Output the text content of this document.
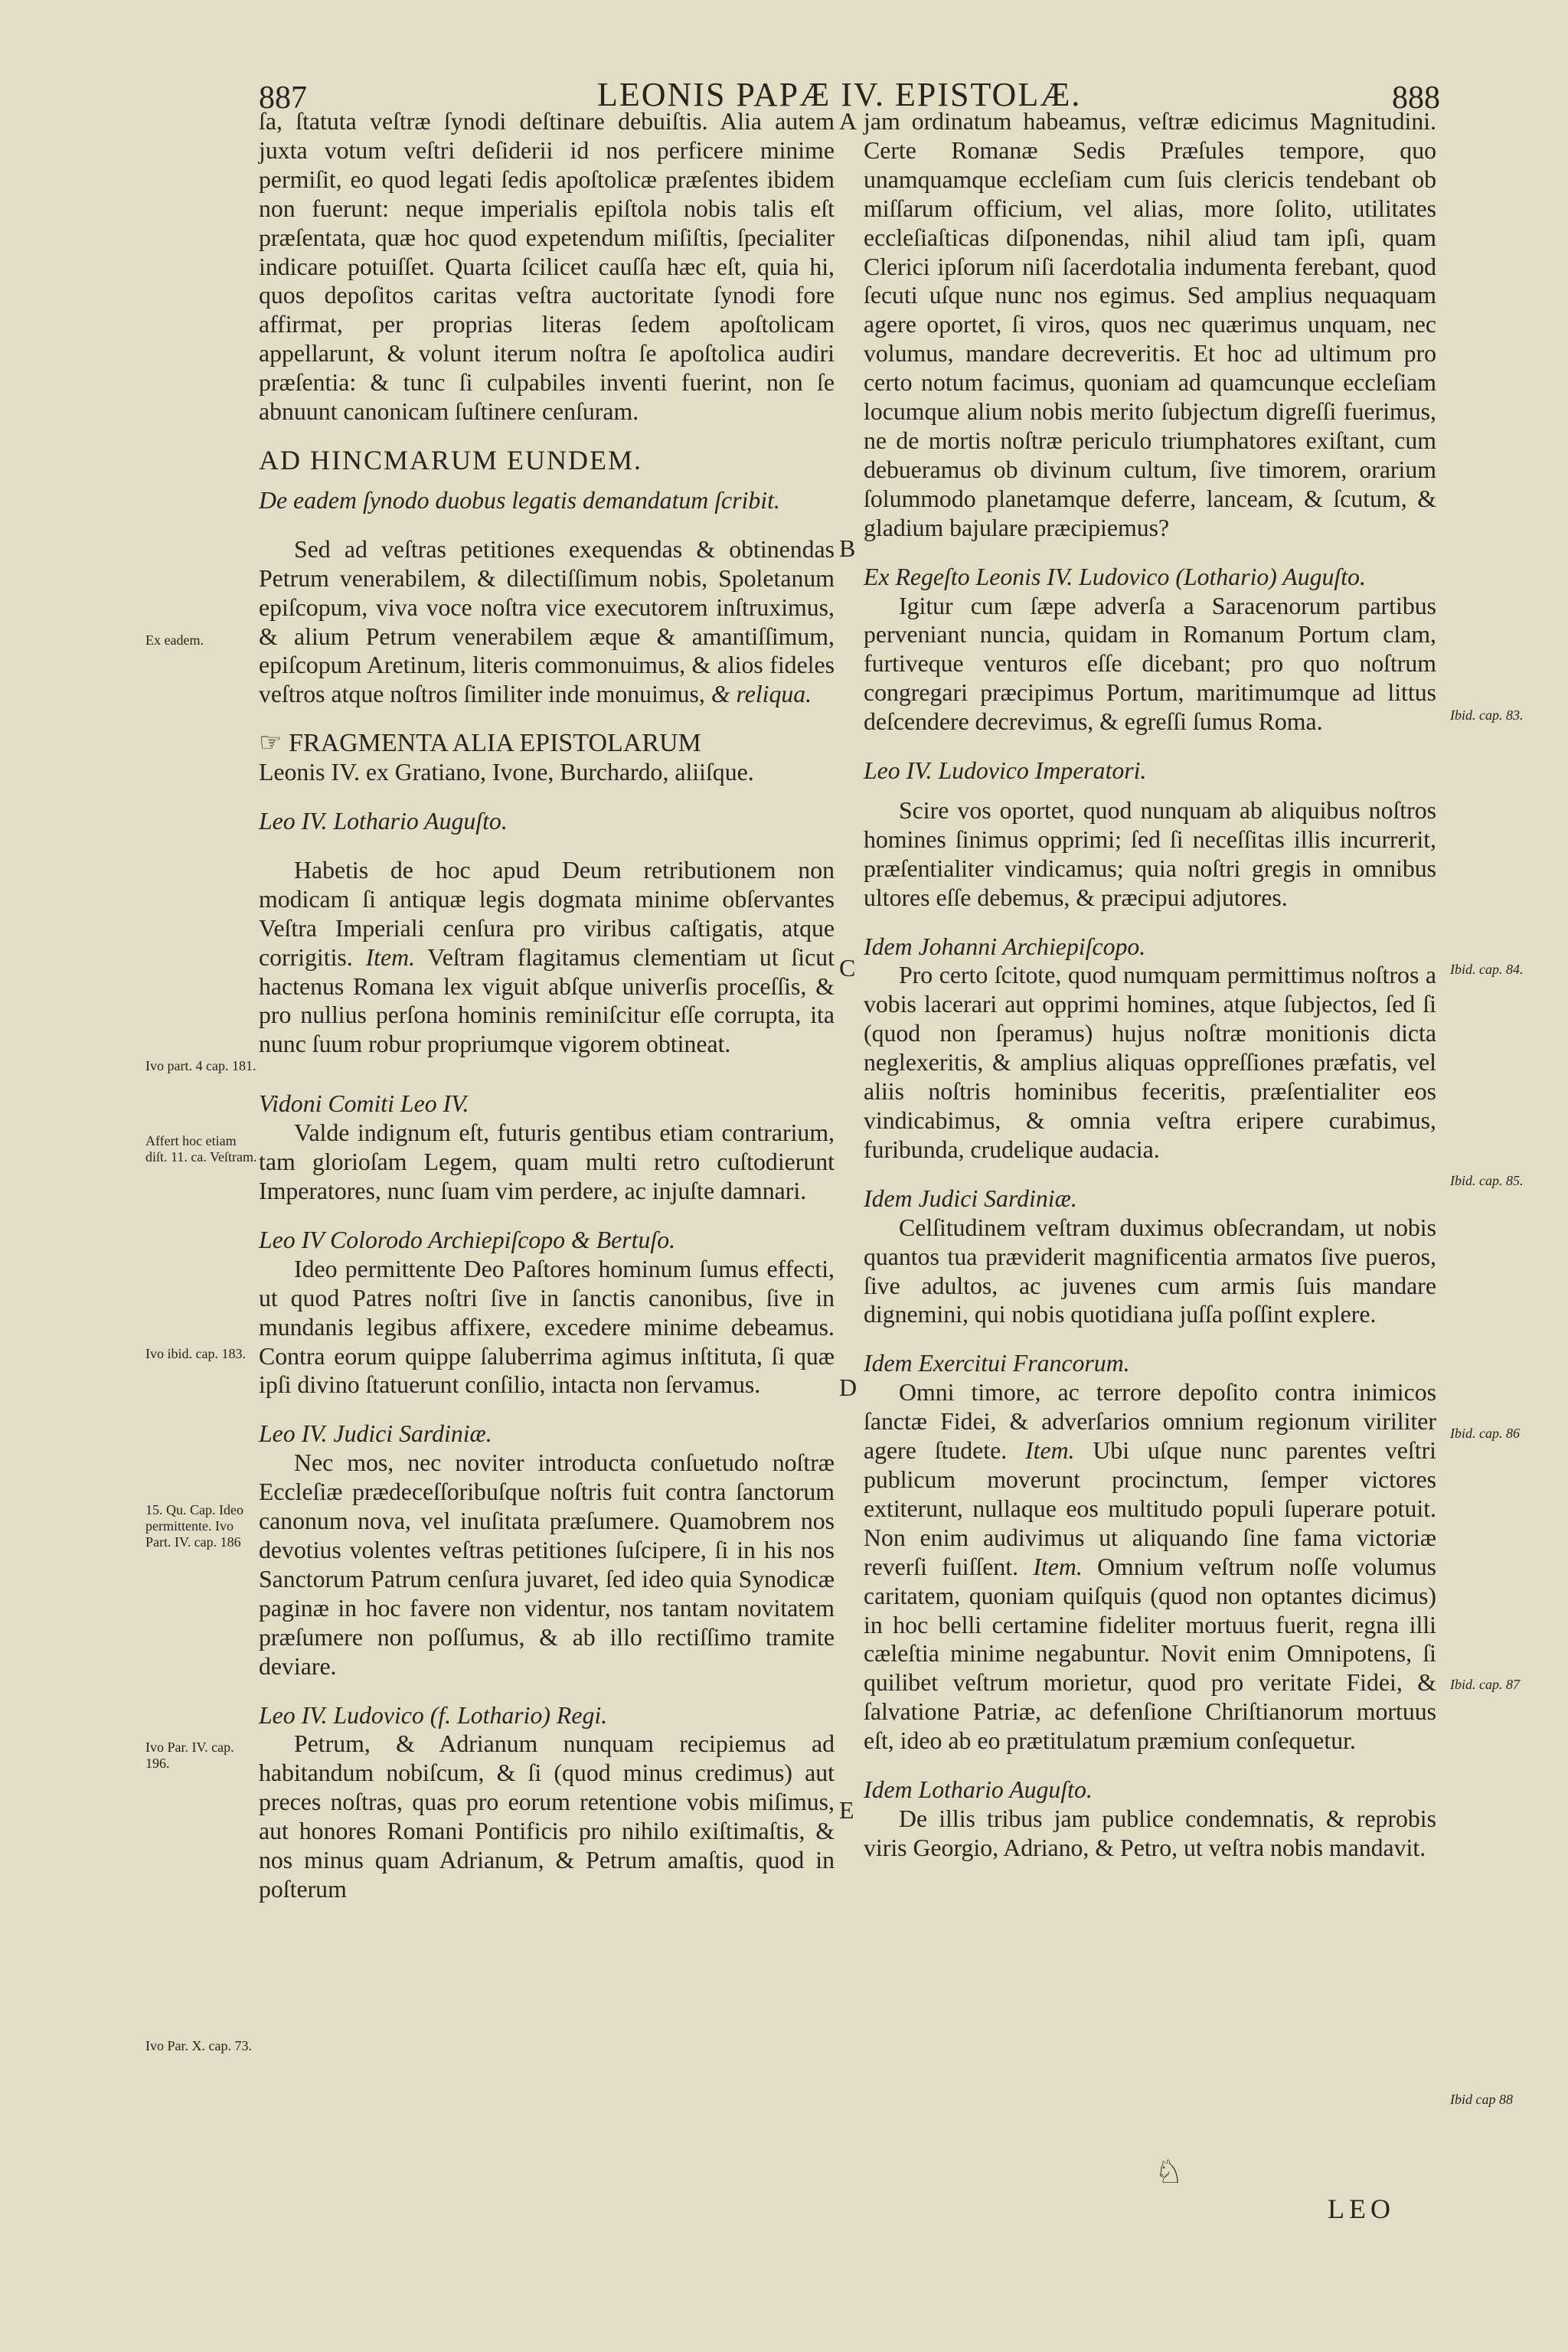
887	LEONIS PAPÆ IV. EPISTOLÆ.	888

ſa, ſtatuta veſtræ ſynodi deſtinare debuiſtis. Alia autem juxta votum veſtri deſiderii id nos perficere minime permiſit, eo quod legati ſedis apoſtolicæ præſentes ibidem non fuerunt: neque imperialis epiſtola nobis talis eſt præſentata, quæ hoc quod expetendum miſiſtis, ſpecialiter indicare potuiſſet. Quarta ſcilicet cauſſa hæc eſt, quia hi, quos depoſitos caritas veſtra auctoritate ſynodi fore affirmat, per proprias literas ſedem apoſtolicam appellarunt, & volunt iterum noſtra ſe apoſtolica audiri præſentia: & tunc ſi culpabiles inventi fuerint, non ſe abnuunt canonicam ſuſtinere cenſuram.

AD HINCMARUM EUNDEM.

De eadem ſynodo duobus legatis demandatum ſcribit.

Sed ad veſtras petitiones exequendas & obtinendas Petrum venerabilem, & dilectiſſimum nobis, Spoletanum epiſcopum, viva voce noſtra vice executorem inſtruximus, & alium Petrum venerabilem æque & amantiſſimum, epiſcopum Aretinum, literis commonuimus, & alios fideles veſtros atque noſtros ſimiliter inde monuimus, & reliqua.

☞ FRAGMENTA ALIA EPISTOLARUM

Leonis IV. ex Gratiano, Ivone, Burchardo, aliiſque.

Leo IV. Lothario Auguſto.

Habetis de hoc apud Deum retributionem non modicam ſi antiquæ legis dogmata minime obſervantes Veſtra Imperiali cenſura pro viribus caſtigatis, atque corrigitis. Item. Veſtram flagitamus clementiam ut ſicut hactenus Romana lex viguit abſque univerſis proceſſis, & pro nullius perſona hominis reminiſcitur eſſe corrupta, ita nunc ſuum robur propriumque vigorem obtineat.

Vidoni Comiti Leo IV.

Valde indignum eſt, futuris gentibus etiam contrarium, tam glorioſam Legem, quam multi retro cuſtodierunt Imperatores, nunc ſuam vim perdere, ac injuſte damnari.

Leo IV Colorodo Archiepiſcopo & Bertuſo.

Ideo permittente Deo Paſtores hominum ſumus effecti, ut quod Patres noſtri ſive in ſanctis canonibus, ſive in mundanis legibus affixere, excedere minime debeamus. Contra eorum quippe ſaluberrima agimus inſtituta, ſi quæ ipſi divino ſtatuerunt conſilio, intacta non ſervamus.

Leo IV. Judici Sardiniæ.

Nec mos, nec noviter introducta conſuetudo noſtræ Eccleſiæ prædeceſſoribuſque noſtris fuit contra ſanctorum canonum nova, vel inuſitata præſumere. Quamobrem nos devotius volentes veſtras petitiones ſuſcipere, ſi in his nos Sanctorum Patrum cenſura juvaret, ſed ideo quia Synodicæ paginæ in hoc favere non videntur, nos tantam novitatem præſumere non poſſumus, & ab illo rectiſſimo tramite deviare.

Leo IV. Ludovico (f. Lothario) Regi.

Petrum, & Adrianum nunquam recipiemus ad habitandum nobiſcum, & ſi (quod minus credimus) aut preces noſtras, quas pro eorum retentione vobis miſimus, aut honores Romani Pontificis pro nihilo exiſtimaſtis, & nos minus quam Adrianum, & Petrum amaſtis, quod in poſterum

jam ordinatum habeamus, veſtræ edicimus Magnitudini. Certe Romanæ Sedis Præſules tempore, quo unamquamque eccleſiam cum ſuis clericis tendebant ob miſſarum officium, vel alias, more ſolito, utilitates eccleſiaſticas diſponendas, nihil aliud tam ipſi, quam Clerici ipſorum niſi ſacerdotalia indumenta ferebant, quod ſecuti uſque nunc nos egimus. Sed amplius nequaquam agere oportet, ſi viros, quos nec quærimus unquam, nec volumus, mandare decreveritis. Et hoc ad ultimum pro certo notum facimus, quoniam ad quamcunque eccleſiam locumque alium nobis merito ſubjectum digreſſi fuerimus, ne de mortis noſtræ periculo triumphatores exiſtant, cum debueramus ob divinum cultum, ſive timorem, orarium ſolummodo planetamque deferre, lanceam, & ſcutum, & gladium bajulare præcipiemus?

Ex Regeſto Leonis IV. Ludovico (Lothario) Auguſto.

Igitur cum ſæpe adverſa a Saracenorum partibus perveniant nuncia, quidam in Romanum Portum clam, furtiveque venturos eſſe dicebant; pro quo noſtrum congregari præcipimus Portum, maritimumque ad littus deſcendere decrevimus, & egreſſi ſumus Roma.

Leo IV. Ludovico Imperatori.

Scire vos oportet, quod nunquam ab aliquibus noſtros homines ſinimus opprimi; ſed ſi neceſſitas illis incurrerit, præſentialiter vindicamus; quia noſtri gregis in omnibus ultores eſſe debemus, & præcipui adjutores.

Idem Johanni Archiepiſcopo.

Pro certo ſcitote, quod numquam permittimus noſtros a vobis lacerari aut opprimi homines, atque ſubjectos, ſed ſi (quod non ſperamus) hujus noſtræ monitionis dicta neglexeritis, & amplius aliquas oppreſſiones præfatis, vel aliis noſtris hominibus feceritis, præſentialiter eos vindicabimus, & omnia veſtra eripere curabimus, furibunda, crudelique audacia.

Idem Judici Sardiniæ.

Celſitudinem veſtram duximus obſecrandam, ut nobis quantos tua præviderit magnificentia armatos ſive pueros, ſive adultos, ac juvenes cum armis ſuis mandare dignemini, qui nobis quotidiana juſſa poſſint explere.

Idem Exercitui Francorum.

Omni timore, ac terrore depoſito contra inimicos ſanctæ Fidei, & adverſarios omnium regionum viriliter agere ſtudete. Item. Ubi uſque nunc parentes veſtri publicum moverunt procinctum, ſemper victores extiterunt, nullaque eos multitudo populi ſuperare potuit. Non enim audivimus ut aliquando ſine fama victoriæ reverſi fuiſſent. Item. Omnium veſtrum noſſe volumus caritatem, quoniam quiſquis (quod non optantes dicimus) in hoc belli certamine fideliter mortuus fuerit, regna illi cæleſtia minime negabuntur. Novit enim Omnipotens, ſi quilibet veſtrum morietur, quod pro veritate Fidei, & ſalvatione Patriæ, ac defenſione Chriſtianorum mortuus eſt, ideo ab eo prætitulatum præmium conſequetur.

Idem Lothario Auguſto.

De illis tribus jam publice condemnatis, & reprobis viris Georgio, Adriano, & Petro, ut veſtra nobis mandavit.

A
B
C
D
E
Ex eadem.
Ivo part. 4 cap. 181.
Affert hoc etiam diſt. 11. ca. Veſtram.
Ivo ibid. cap. 183.
15. Qu. Cap. Ideo permittente. Ivo Part. IV. cap. 186
Ivo Par. IV. cap. 196.
Ivo Par. X. cap. 73.
Ibid. cap. 83.
Ibid. cap. 84.
Ibid. cap. 85.
Ibid. cap. 86
Ibid. cap. 87
Ibid cap 88
♘
LEO
